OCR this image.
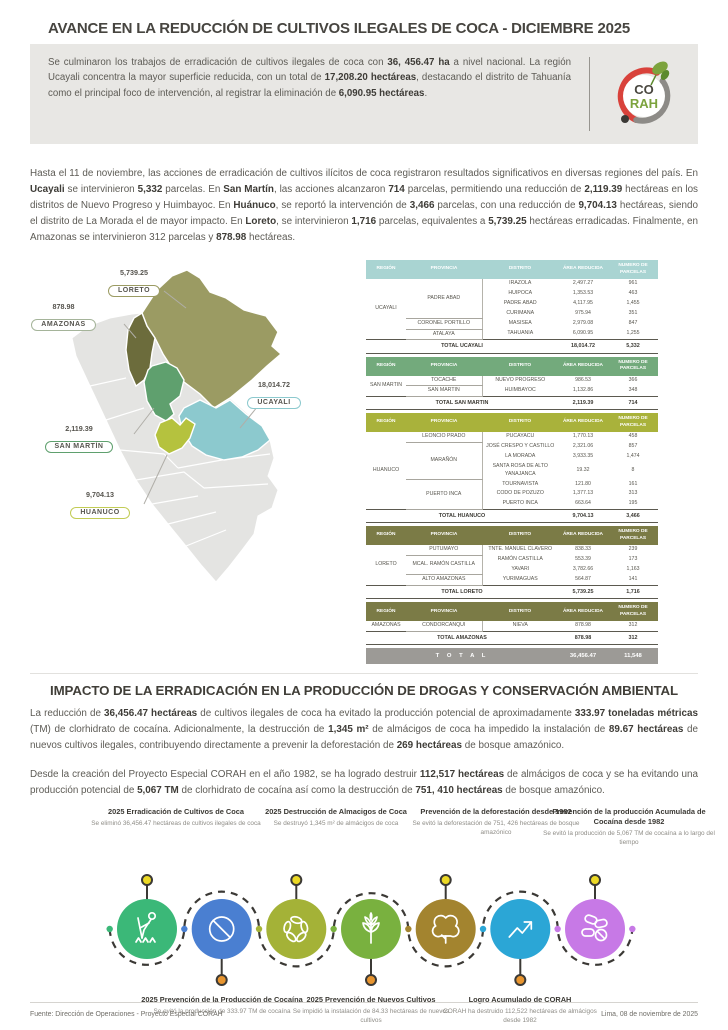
AVANCE EN LA REDUCCIÓN DE CULTIVOS ILEGALES DE COCA - DICIEMBRE 2025
Se culminaron los trabajos de erradicación de cultivos ilegales de coca con 36, 456.47 ha a nivel nacional. La región Ucayali concentra la mayor superficie reducida, con un total de 17,208.20 hectáreas, destacando el distrito de Tahuanía como el principal foco de intervención, al registrar la eliminación de 6,090.95 hectáreas.	CO
RAH

Hasta el 11 de noviembre, las acciones de erradicación de cultivos ilícitos de coca registraron resultados significativos en diversas regiones del país. En Ucayali se intervinieron 5,332 parcelas. En San Martín, las acciones alcanzaron 714 parcelas, permitiendo una reducción de 2,119.39 hectáreas en los distritos de Nuevo Progreso y Huimbayoc. En Huánuco, se reportó la intervención de 3,466 parcelas, con una reducción de 9,704.13 hectáreas, siendo el distrito de La Morada el de mayor impacto. En Loreto, se intervinieron 1,716 parcelas, equivalentes a 5,739.25 hectáreas erradicadas. Finalmente, en Amazonas se intervinieron 312 parcelas y 878.98 hectáreas.

5,739.25
LORETO
878.98
AMAZONAS
18,014.72
UCAYALI
2,119.39
SAN MARTÍN
9,704.13
HUANUCO
REGIÓN	PROVINCIA	DISTRITO	ÁREA REDUCIDA	NUMERO DE PARCELAS
UCAYALI	PADRE ABAD	IRAZOLA	2,497.27	961
		HUIPOCA	1,353.53	463
		PADRE ABAD	4,117.95	1,455
		CURIMANA	975.94	351
	CORONEL PORTILLO	MASISEA	2,979.08	847
	ATALAYA	TAHUANIA	6,090.95	1,255
TOTAL UCAYALI			18,014.72	5,332

REGIÓN	PROVINCIA	DISTRITO	ÁREA REDUCIDA	NUMERO DE PARCELAS
SAN MARTIN	TOCACHE	NUEVO PROGRESO	986.53	366
	SAN MARTIN	HUIMBAYOC	1,132.86	348
TOTAL SAN MARTIN			2,119.39	714

REGIÓN	PROVINCIA	DISTRITO	ÁREA REDUCIDA	NUMERO DE PARCELAS
HUANUCO	LEONCIO PRADO	PUCAYACU	1,770.13	458
	MARAÑÓN	JOSÉ CRESPO Y CASTILLO	2,321.06	857
		LA MORADA	3,933.35	1,474
		SANTA ROSA DE ALTO YANAJANCA	19.32	8
	PUERTO INCA	TOURNAVISTA	121.80	161
		CODO DE POZUZO	1,377.13	313
		PUERTO INCA	663.64	195
TOTAL HUANUCO			9,704.13	3,466

REGIÓN	PROVINCIA	DISTRITO	ÁREA REDUCIDA	NUMERO DE PARCELAS
LORETO	PUTUMAYO	TNTE. MANUEL CLAVERO	838.33	239
	MCAL. RAMÓN CASTILLA	RAMÓN CASTILLA	553.39	173
		YAVARI	3,782.66	1,163
	ALTO AMAZONAS	YURIMAGUAS	564.87	141
TOTAL LORETO			5,739.25	1,716

REGIÓN	PROVINCIA	DISTRITO	ÁREA REDUCIDA	NUMERO DE PARCELAS
AMAZONAS	CONDORCANQUI	NIEVA	878.98	312
TOTAL AMAZONAS			878.98	312

T O T A L			36,456.47	11,548
IMPACTO DE LA ERRADICACIÓN EN LA PRODUCCIÓN DE DROGAS Y CONSERVACIÓN AMBIENTAL

La reducción de 36,456.47 hectáreas de cultivos ilegales de coca ha evitado la producción potencial de aproximadamente 333.97 toneladas métricas (TM) de clorhidrato de cocaína. Adicionalmente, la destrucción de 1,345 m² de almácigos de coca ha impedido la instalación de 89.67 hectáreas de nuevos cultivos ilegales, contribuyendo directamente a prevenir la deforestación de 269 hectáreas de bosque amazónico.

Desde la creación del Proyecto Especial CORAH en el año 1982, se ha logrado destruir 112,517 hectáreas de almácigos de coca y se ha evitando una producción potencial de 5,067 TM de clorhidrato de cocaína así como la destrucción de 751, 410 hectáreas de bosque amazónico.

2025 Erradicación de Cultivos de Coca
Se eliminó 36,456.47 hectáreas de cultivos ilegales de coca
2025 Destrucción de Almacigos de Coca
Se destruyó 1,345 m² de almácigos de coca
Prevención de la deforestación desde 1982
Se evitó la deforestación de 751, 426 hectáreas de bosque amazónico
Prevención de la producción Acumulada de Cocaína desde 1982
Se evitó la producción de 5,067 TM de cocaína a lo largo del tiempo
2025 Prevención de la Producción de Cocaína
Se evitó la producción de 333.97 TM de cocaína
2025 Prevención de Nuevos Cultivos
Se impidió la instalación de 84.33 hectáreas de nuevos cultivos
Logro Acumulado de CORAH
CORAH ha destruido 112,522 hectáreas de almácigos desde 1982
Fuente: Dirección de Operaciones - Proyecto Especial CORAH	Lima, 08 de noviembre de 2025
